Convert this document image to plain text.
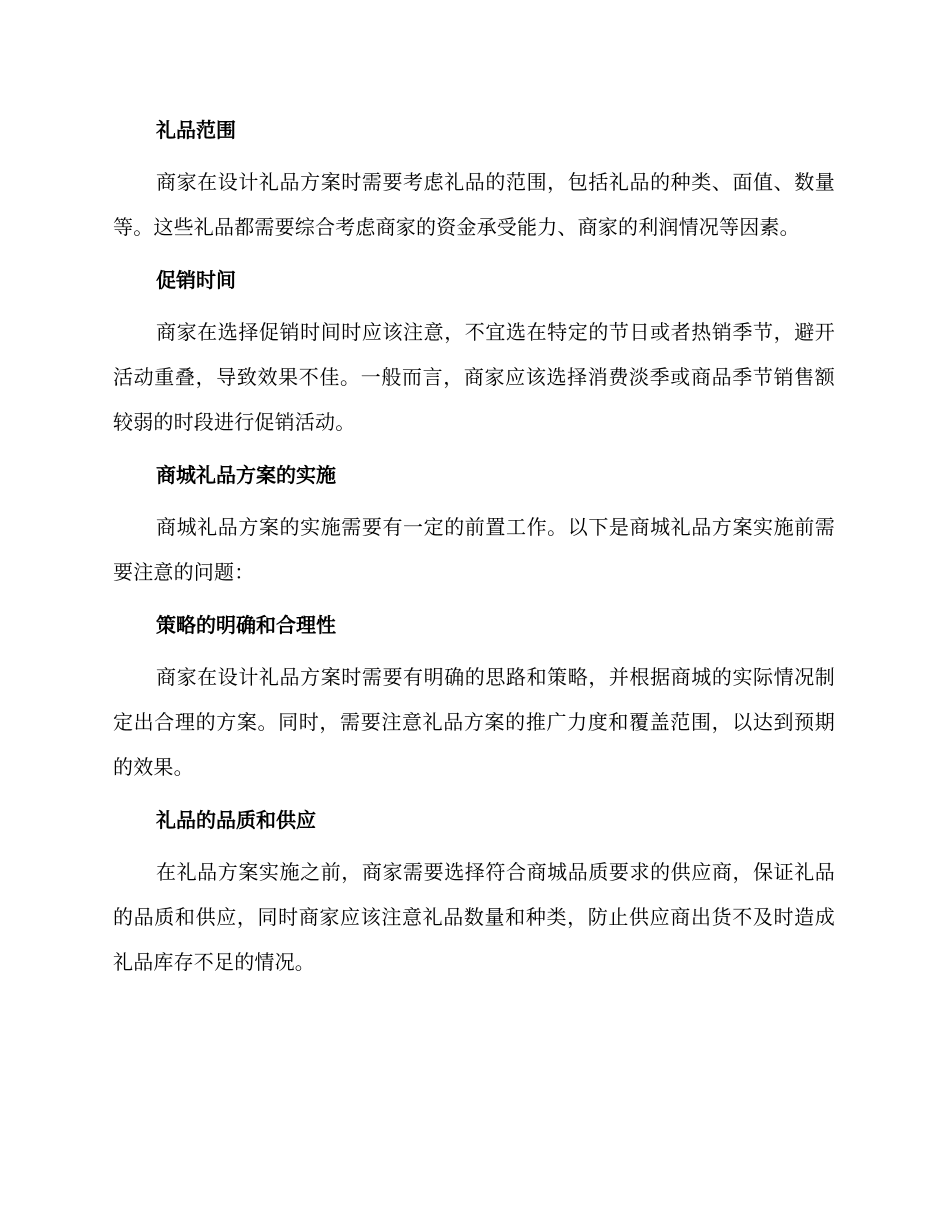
礼品范围
商家在设计礼品方案时需要考虑礼品的范围，包括礼品的种类、面值、数量等。这些礼品都需要综合考虑商家的资金承受能力、商家的利润情况等因素。
促销时间
商家在选择促销时间时应该注意，不宜选在特定的节日或者热销季节，避开活动重叠，导致效果不佳。一般而言，商家应该选择消费淡季或商品季节销售额较弱的时段进行促销活动。
商城礼品方案的实施
商城礼品方案的实施需要有一定的前置工作。以下是商城礼品方案实施前需要注意的问题：
策略的明确和合理性
商家在设计礼品方案时需要有明确的思路和策略，并根据商城的实际情况制定出合理的方案。同时，需要注意礼品方案的推广力度和覆盖范围，以达到预期的效果。
礼品的品质和供应
在礼品方案实施之前，商家需要选择符合商城品质要求的供应商，保证礼品的品质和供应，同时商家应该注意礼品数量和种类，防止供应商出货不及时造成礼品库存不足的情况。
